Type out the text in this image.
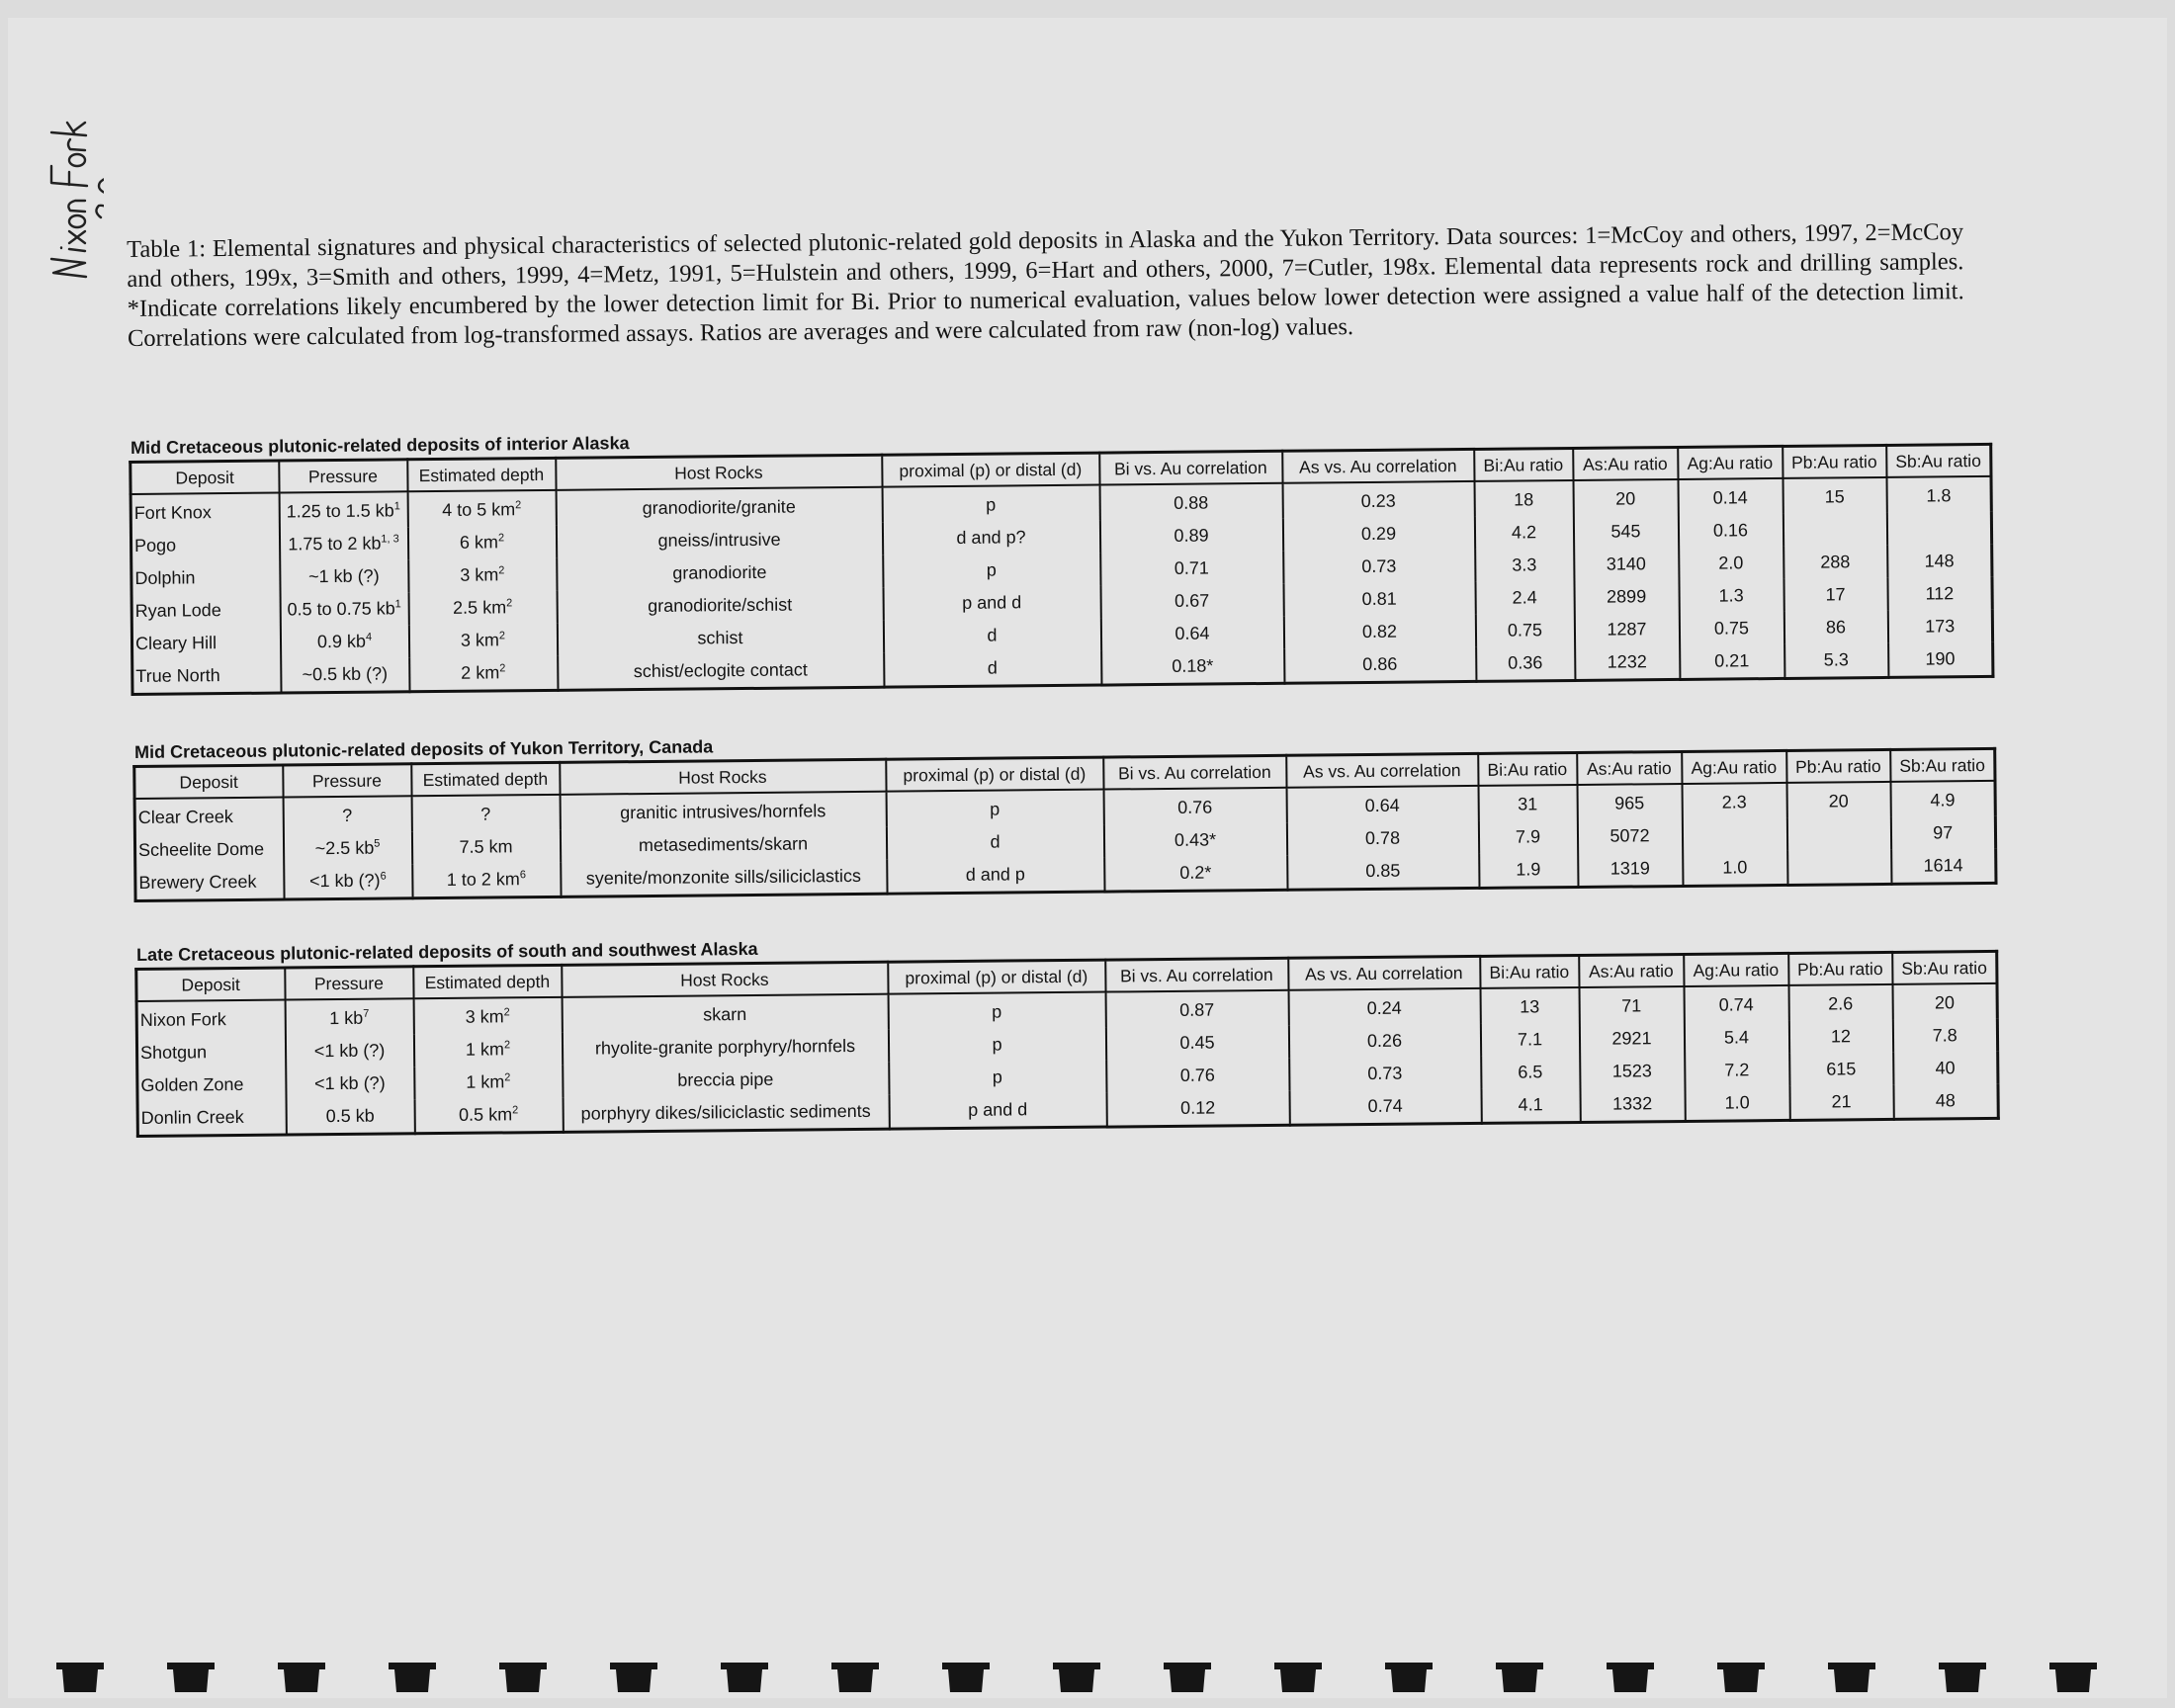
Table 1: Elemental signatures and physical characteristics of selected plutonic-related gold deposits in Alaska and the Yukon Territory. Data sources: 1=McCoy and others, 1997, 2=McCoy and others, 199x, 3=Smith and others, 1999, 4=Metz, 1991, 5=Hulstein and others, 1999, 6=Hart and others, 2000, 7=Cutler, 198x. Elemental data represents rock and drilling samples. *Indicate correlations likely encumbered by the lower detection limit for Bi. Prior to numerical evaluation, values below lower detection were assigned a value half of the detection limit. Correlations were calculated from log-transformed assays. Ratios are averages and were calculated from raw (non-log) values.
Mid Cretaceous plutonic-related deposits of interior Alaska
Deposit	Pressure	Estimated depth	Host Rocks	proximal (p) or distal (d)	Bi vs. Au correlation	As vs. Au correlation	Bi:Au ratio	As:Au ratio	Ag:Au ratio	Pb:Au ratio	Sb:Au ratio
Fort Knox	1.25 to 1.5 $kb^1$	4 to 5 $km^2$	granodiorite/granite	p	0.88	0.23	18	20	0.14	15	1.8
Pogo	1.75 to 2 kb$^{1, 3}$	6 $km^2$	gneiss/intrusive	d and p?	0.89	0.29	4.2	545	0.16		
Dolphin	~1 kb (?)	3 $km^2$	granodiorite	p	0.71	0.73	3.3	3140	2.0	288	148
Ryan Lode	0.5 to 0.75 $kb^1$	2.5 $km^2$	granodiorite/schist	p and d	0.67	0.81	2.4	2899	1.3	17	112
Cleary Hill	0.9 $kb^4$	3 $km^2$	schist	d	0.64	0.82	0.75	1287	0.75	86	173
True North	~0.5 kb (?)	2 $km^2$	schist/eclogite contact	d	0.18*	0.86	0.36	1232	0.21	5.3	190
Mid Cretaceous plutonic-related deposits of Yukon Territory, Canada
Deposit	Pressure	Estimated depth	Host Rocks	proximal (p) or distal (d)	Bi vs. Au correlation	As vs. Au correlation	Bi:Au ratio	As:Au ratio	Ag:Au ratio	Pb:Au ratio	Sb:Au ratio
Clear Creek	?	?	granitic intrusives/hornfels	p	0.76	0.64	31	965	2.3	20	4.9
Scheelite Dome	~2.5 $kb^5$	7.5 km	metasediments/skarn	d	0.43*	0.78	7.9	5072			97
Brewery Creek	<1 kb (?)$^6$	1 to 2 $km^6$	syenite/monzonite sills/siliciclastics	d and p	0.2*	0.85	1.9	1319	1.0		1614
Late Cretaceous plutonic-related deposits of south and southwest Alaska
Deposit	Pressure	Estimated depth	Host Rocks	proximal (p) or distal (d)	Bi vs. Au correlation	As vs. Au correlation	Bi:Au ratio	As:Au ratio	Ag:Au ratio	Pb:Au ratio	Sb:Au ratio
Nixon Fork	1 $kb^7$	3 $km^2$	skarn	p	0.87	0.24	13	71	0.74	2.6	20
Shotgun	<1 kb (?)	1 $km^2$	rhyolite-granite porphyry/hornfels	p	0.45	0.26	7.1	2921	5.4	12	7.8
Golden Zone	<1 kb (?)	1 $km^2$	breccia pipe	p	0.76	0.73	6.5	1523	7.2	615	40
Donlin Creek	0.5 kb	0.5 $km^2$	porphyry dikes/siliciclastic sediments	p and d	0.12	0.74	4.1	1332	1.0	21	48
